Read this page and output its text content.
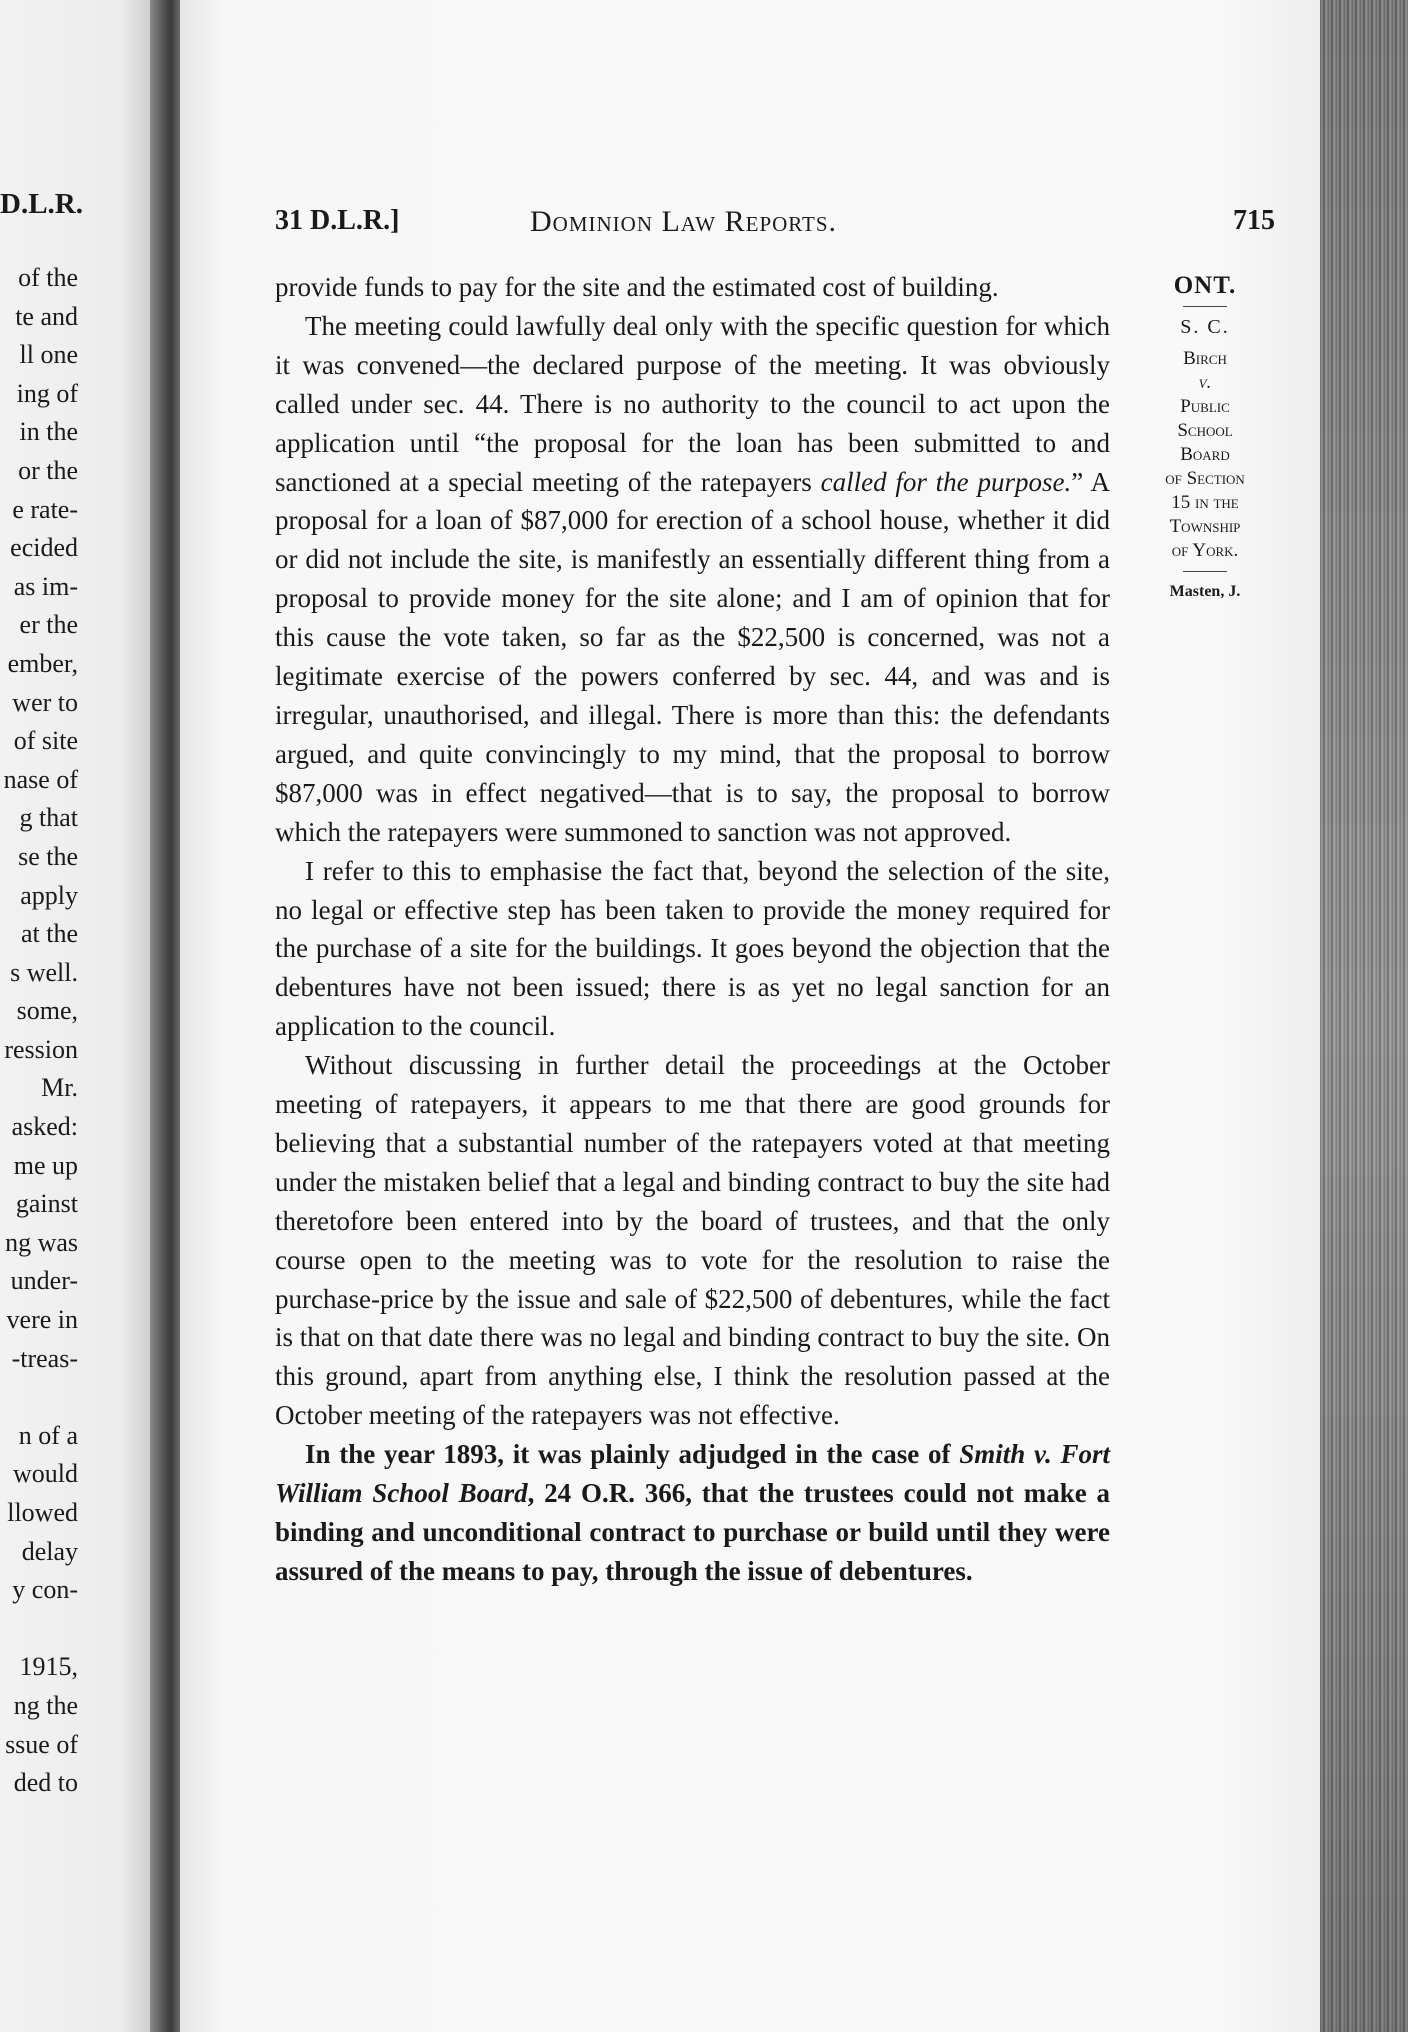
D.L.R.
of the
te and
ll one
ing of
in the
or the
e rate-
ecided
as im-
er the
ember,
wer to
of site
nase of
g that
se the
apply
at the
s well.
some,
ression
Mr.
asked:
me up
gainst
ng was
under-
vere in
-treas-
n of a
would
llowed
delay
y con-
1915,
ng the
ssue of
ded to
31 D.L.R.]	Dominion Law Reports.	715
ONT.
S. C.
Birch
v.
Public
School
Board
of Section
15 in the
Township
of York.
Masten, J.

provide funds to pay for the site and the estimated cost of building.

The meeting could lawfully deal only with the specific question for which it was convened—the declared purpose of the meeting. It was obviously called under sec. 44. There is no authority to the council to act upon the application until “the proposal for the loan has been submitted to and sanctioned at a special meeting of the ratepayers called for the purpose.” A proposal for a loan of $87,000 for erection of a school house, whether it did or did not include the site, is manifestly an essentially different thing from a proposal to provide money for the site alone; and I am of opinion that for this cause the vote taken, so far as the $22,500 is concerned, was not a legitimate exercise of the powers conferred by sec. 44, and was and is irregular, unauthorised, and illegal. There is more than this: the defendants argued, and quite convincingly to my mind, that the proposal to borrow $87,000 was in effect negatived—that is to say, the proposal to borrow which the ratepayers were summoned to sanction was not approved.

I refer to this to emphasise the fact that, beyond the selection of the site, no legal or effective step has been taken to provide the money required for the purchase of a site for the buildings. It goes beyond the objection that the debentures have not been issued; there is as yet no legal sanction for an application to the council.

Without discussing in further detail the proceedings at the October meeting of ratepayers, it appears to me that there are good grounds for believing that a substantial number of the ratepayers voted at that meeting under the mistaken belief that a legal and binding contract to buy the site had theretofore been entered into by the board of trustees, and that the only course open to the meeting was to vote for the resolution to raise the purchase-price by the issue and sale of $22,500 of debentures, while the fact is that on that date there was no legal and binding contract to buy the site. On this ground, apart from anything else, I think the resolution passed at the October meeting of the ratepayers was not effective.

In the year 1893, it was plainly adjudged in the case of Smith v. Fort William School Board, 24 O.R. 366, that the trustees could not make a binding and unconditional contract to purchase or build until they were assured of the means to pay, through the issue of debentures.
